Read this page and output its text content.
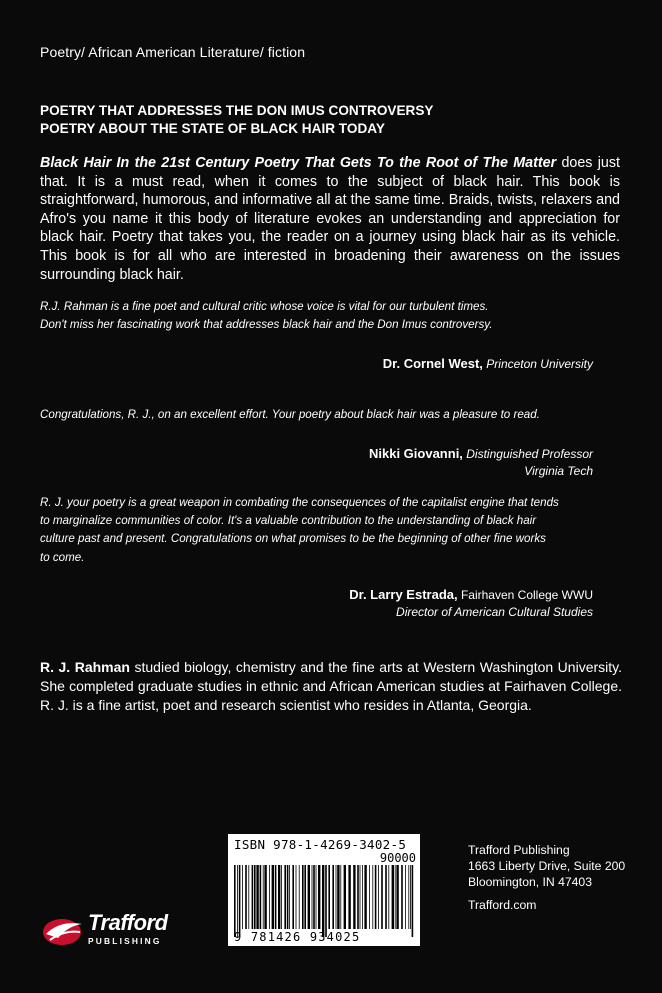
Poetry/ African American Literature/ fiction
POETRY THAT ADDRESSES THE DON IMUS CONTROVERSY
POETRY ABOUT THE STATE OF BLACK HAIR TODAY
Black Hair In the 21st Century Poetry That Gets To the Root of The Matter does just that. It is a must read, when it comes to the subject of black hair. This book is straightforward, humorous, and informative all at the same time. Braids, twists, relaxers and Afro's you name it this body of literature evokes an understanding and appreciation for black hair. Poetry that takes you, the reader on a journey using black hair as its vehicle. This book is for all who are interested in broadening their awareness on the issues surrounding black hair.
R.J. Rahman is a fine poet and cultural critic whose voice is vital for our turbulent times.
Don't miss her fascinating work that addresses black hair and the Don Imus controversy.
Dr. Cornel West, Princeton University
Congratulations, R. J., on an excellent effort. Your poetry about black hair was a pleasure to read.
Nikki Giovanni, Distinguished Professor
Virginia Tech
R. J. your poetry is a great weapon in combating the consequences of the capitalist engine that tends
to marginalize communities of color. It's a valuable contribution to the understanding of black hair
culture past and present. Congratulations on what promises to be the beginning of other fine works
to come.
Dr. Larry Estrada, Fairhaven College WWU
Director of American Cultural Studies
R. J. Rahman studied biology, chemistry and the fine arts at Western Washington University. She completed graduate studies in ethnic and African American studies at Fairhaven College. R. J. is a fine artist, poet and research scientist who resides in Atlanta, Georgia.
ISBN 978-1-4269-3402-5
90000
9 781426 934025
Trafford Publishing
1663 Liberty Drive, Suite 200
Bloomington, IN 47403
Trafford.com
Trafford
PUBLISHING
